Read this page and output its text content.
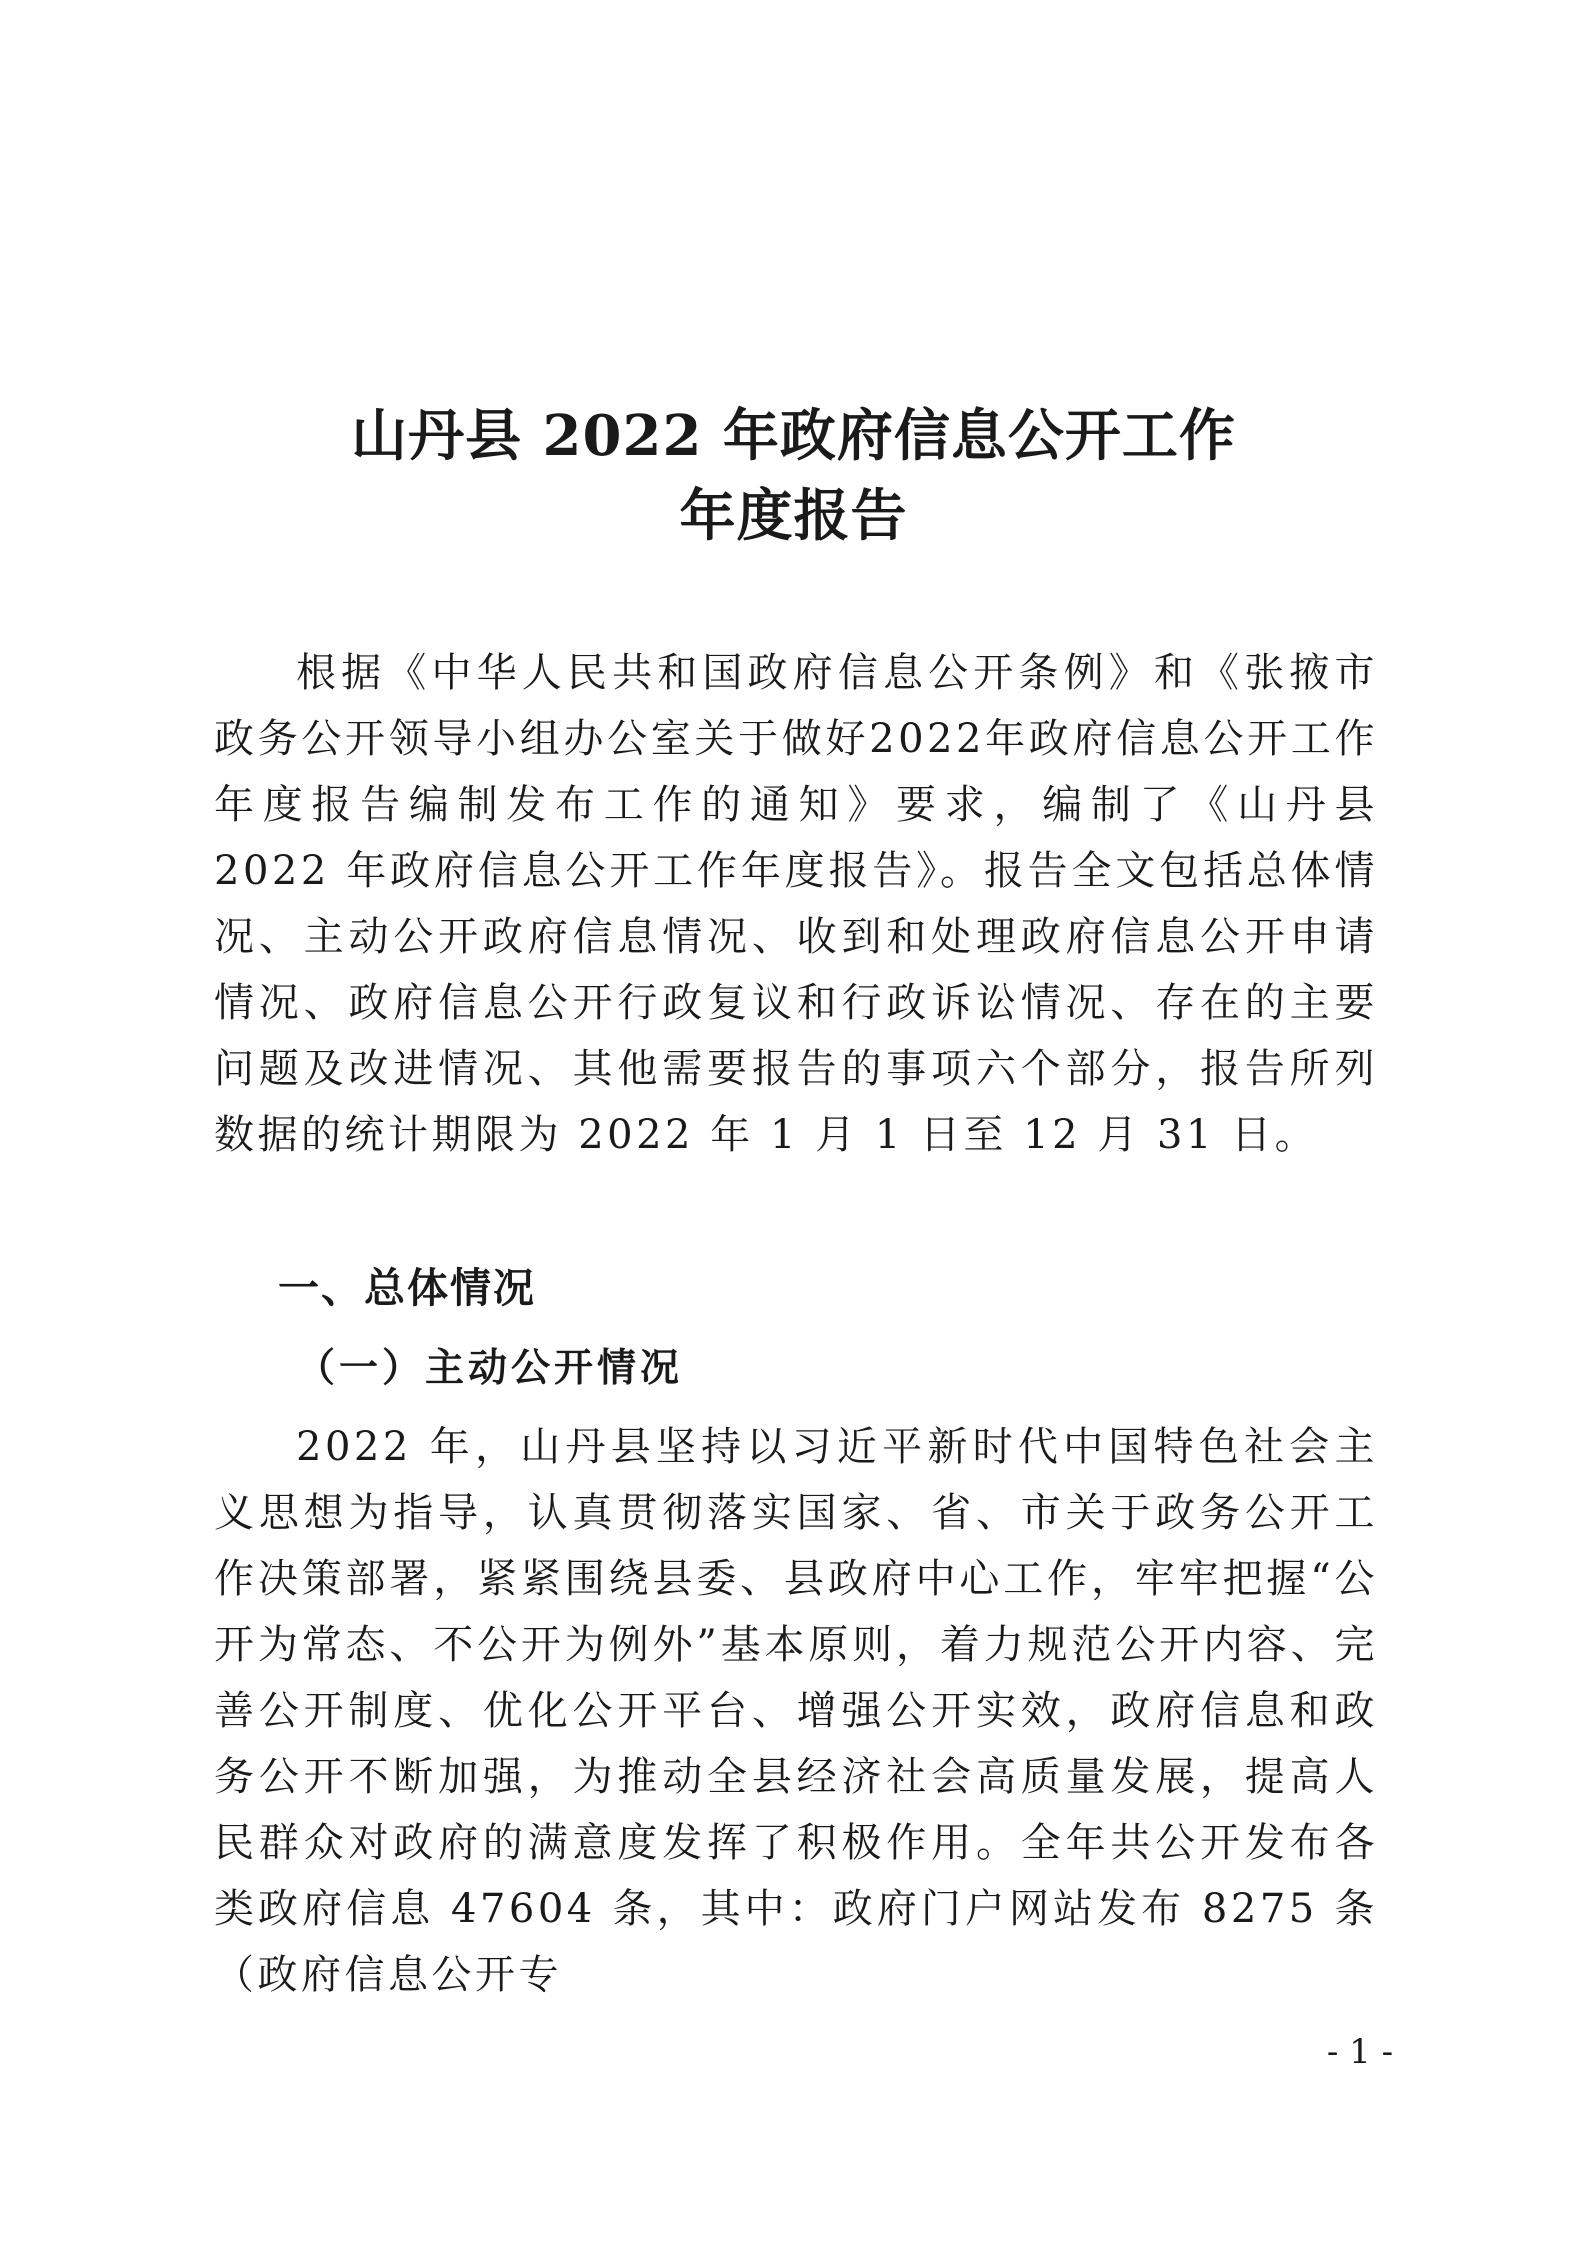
山丹县 2022 年政府信息公开工作
年度报告
根据《中华人民共和国政府信息公开条例》和《张掖市政务公开领导小组办公室关于做好2022年政府信息公开工作年度报告编制发布工作的通知》要求，编制了《山丹县 2022 年政府信息公开工作年度报告》。报告全文包括总体情况、主动公开政府信息情况、收到和处理政府信息公开申请情况、政府信息公开行政复议和行政诉讼情况、存在的主要问题及改进情况、其他需要报告的事项六个部分，报告所列数据的统计期限为 2022 年 1 月 1 日至 12 月 31 日。
一、总体情况
（一）主动公开情况
2022 年，山丹县坚持以习近平新时代中国特色社会主义思想为指导，认真贯彻落实国家、省、市关于政务公开工作决策部署，紧紧围绕县委、县政府中心工作，牢牢把握“公开为常态、不公开为例外”基本原则，着力规范公开内容、完善公开制度、优化公开平台、增强公开实效，政府信息和政务公开不断加强，为推动全县经济社会高质量发展，提高人民群众对政府的满意度发挥了积极作用。全年共公开发布各类政府信息 47604 条，其中：政府门户网站发布 8275 条（政府信息公开专
- 1 -
